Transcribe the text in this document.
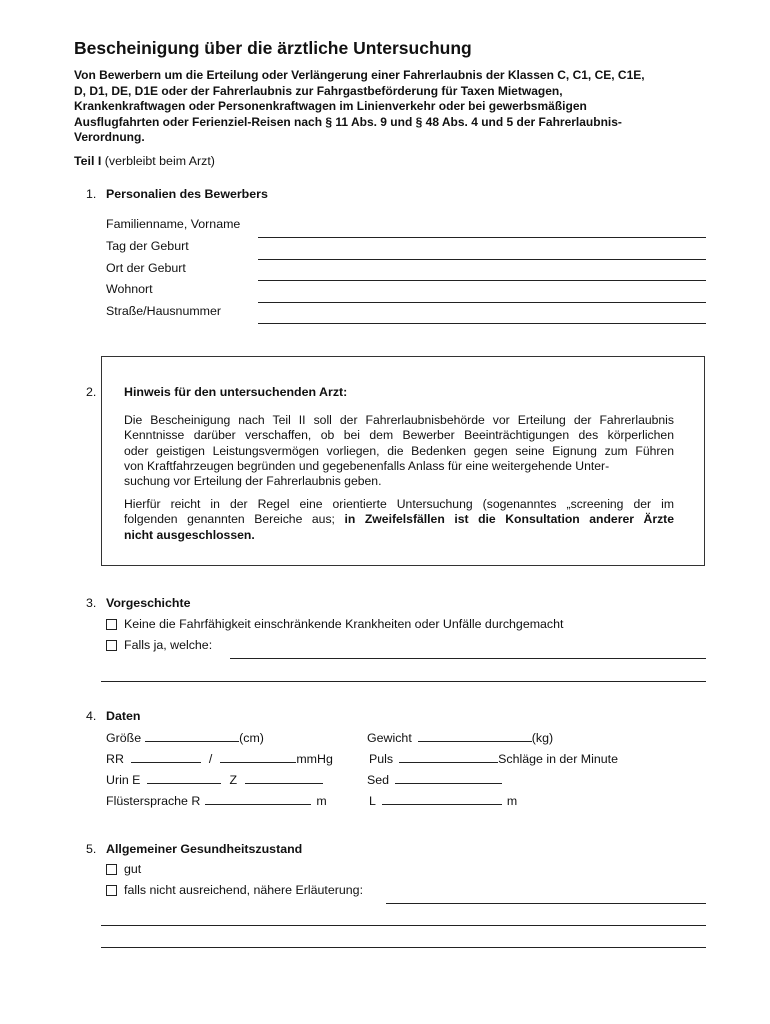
Bescheinigung über die ärztliche Untersuchung
Von Bewerbern um die Erteilung oder Verlängerung einer Fahrerlaubnis der Klassen C, C1, CE, C1E,
D, D1, DE, D1E oder der Fahrerlaubnis zur Fahrgastbeförderung für Taxen Mietwagen,
Krankenkraftwagen oder Personenkraftwagen im Linienverkehr oder bei gewerbsmäßigen
Ausflugfahrten oder Ferienziel-Reisen nach § 11 Abs. 9 und § 48 Abs. 4 und 5 der Fahrerlaubnis-
Verordnung.
Teil I (verbleibt beim Arzt)
1. Personalien des Bewerbers
Familienname, Vorname
Tag der Geburt
Ort der Geburt
Wohnort
Straße/Hausnummer
2. Hinweis für den untersuchenden Arzt:
Die Bescheinigung nach Teil II soll der Fahrerlaubnisbehörde vor Erteilung der Fahrerlaubnis
Kenntnisse darüber verschaffen, ob bei dem Bewerber Beeinträchtigungen des körperlichen
oder geistigen Leistungsvermögen vorliegen, die Bedenken gegen seine Eignung zum Führen
von Kraftfahrzeugen begründen und gegebenenfalls Anlass für eine weitergehende Unter-
suchung vor Erteilung der Fahrerlaubnis geben.
Hierfür reicht in der Regel eine orientierte Untersuchung (sogenanntes „screening der im
folgenden genannten Bereiche aus; in Zweifelsfällen ist die Konsultation anderer Ärzte
nicht ausgeschlossen.
3. Vorgeschichte
Keine die Fahrfähigkeit einschränkende Krankheiten oder Unfälle durchgemacht
Falls ja, welche:
4. Daten
Größe	(cm)	Gewicht	(kg)
RR	/	mmHg	Puls	Schläge in der Minute
Urin E	Z	Sed
Flüstersprache R	m	L	m
5. Allgemeiner Gesundheitszustand
gut
falls nicht ausreichend, nähere Erläuterung:
